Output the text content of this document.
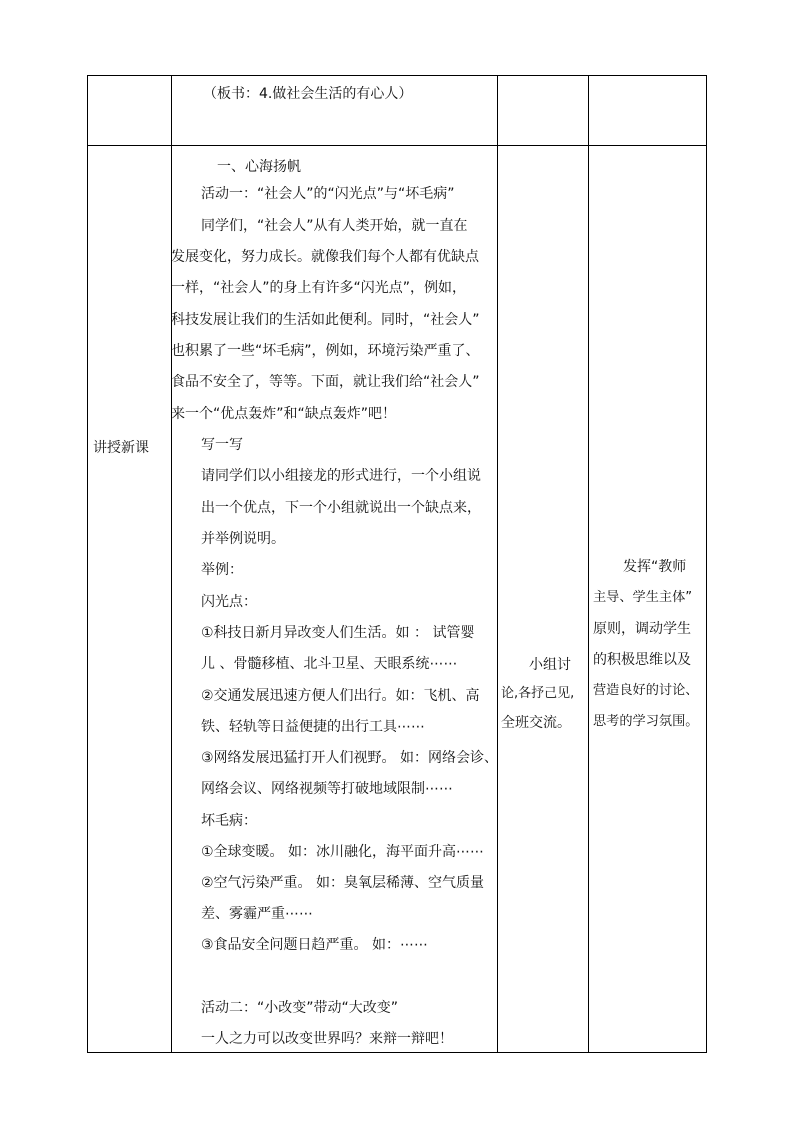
（板书：4.做社会生活的有心人）
讲授新课
一、心海扬帆
活动一：“社会人”的“闪光点”与“坏毛病”
同学们，“社会人”从有人类开始，就一直在
发展变化，努力成长。就像我们每个人都有优缺点
一样，“社会人”的身上有许多“闪光点”，例如，
科技发展让我们的生活如此便利。同时，“社会人”
也积累了一些“坏毛病”，例如，环境污染严重了、
食品不安全了，等等。下面，就让我们给“社会人”
来一个“优点轰炸”和“缺点轰炸”吧！
写一写
请同学们以小组接龙的形式进行，一个小组说
出一个优点，下一个小组就说出一个缺点来，
并举例说明。
举例：
闪光点：
①科技日新月异改变人们生活。如 ： 试管婴
儿 、骨髓移植、北斗卫星、天眼系统⋯⋯
②交通发展迅速方便人们出行。如：飞机、高
铁、轻轨等日益便捷的出行工具⋯⋯
③网络发展迅猛打开人们视野。 如：网络会诊、
网络会议、网络视频等打破地域限制⋯⋯
坏毛病：
①全球变暖。 如：冰川融化，海平面升高⋯⋯
②空气污染严重。 如：臭氧层稀薄、空气质量
差、雾霾严重⋯⋯
③食品安全问题日趋严重。 如：⋯⋯
活动二：“小改变”带动“大改变”
一人之力可以改变世界吗？来辩一辩吧！
小组讨
论,各抒己见,
全班交流。
发挥“教师
主导、学生主体”
原则，调动学生
的积极思维以及
营造良好的讨论、
思考的学习氛围。
